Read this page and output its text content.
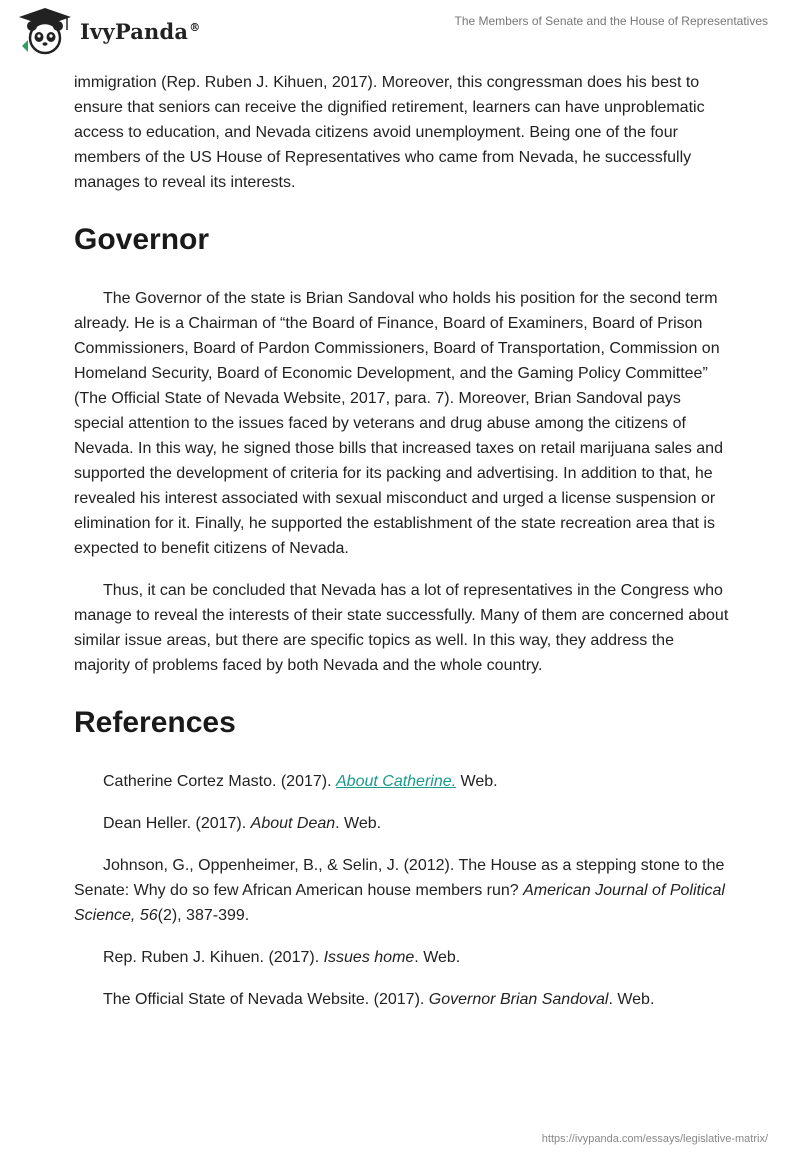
IvyPanda®	The Members of Senate and the House of Representatives

immigration (Rep. Ruben J. Kihuen, 2017). Moreover, this congressman does his best to ensure that seniors can receive the dignified retirement, learners can have unproblematic access to education, and Nevada citizens avoid unemployment. Being one of the four members of the US House of Representatives who came from Nevada, he successfully manages to reveal its interests.

Governor

The Governor of the state is Brian Sandoval who holds his position for the second term already. He is a Chairman of “the Board of Finance, Board of Examiners, Board of Prison Commissioners, Board of Pardon Commissioners, Board of Transportation, Commission on Homeland Security, Board of Economic Development, and the Gaming Policy Committee” (The Official State of Nevada Website, 2017, para. 7). Moreover, Brian Sandoval pays special attention to the issues faced by veterans and drug abuse among the citizens of Nevada. In this way, he signed those bills that increased taxes on retail marijuana sales and supported the development of criteria for its packing and advertising. In addition to that, he revealed his interest associated with sexual misconduct and urged a license suspension or elimination for it. Finally, he supported the establishment of the state recreation area that is expected to benefit citizens of Nevada.

Thus, it can be concluded that Nevada has a lot of representatives in the Congress who manage to reveal the interests of their state successfully. Many of them are concerned about similar issue areas, but there are specific topics as well. In this way, they address the majority of problems faced by both Nevada and the whole country.

References

Catherine Cortez Masto. (2017). About Catherine. Web.

Dean Heller. (2017). About Dean. Web.

Johnson, G., Oppenheimer, B., & Selin, J. (2012). The House as a stepping stone to the Senate: Why do so few African American house members run? American Journal of Political Science, 56(2), 387-399.

Rep. Ruben J. Kihuen. (2017). Issues home. Web.

The Official State of Nevada Website. (2017). Governor Brian Sandoval. Web.

https://ivypanda.com/essays/legislative-matrix/
